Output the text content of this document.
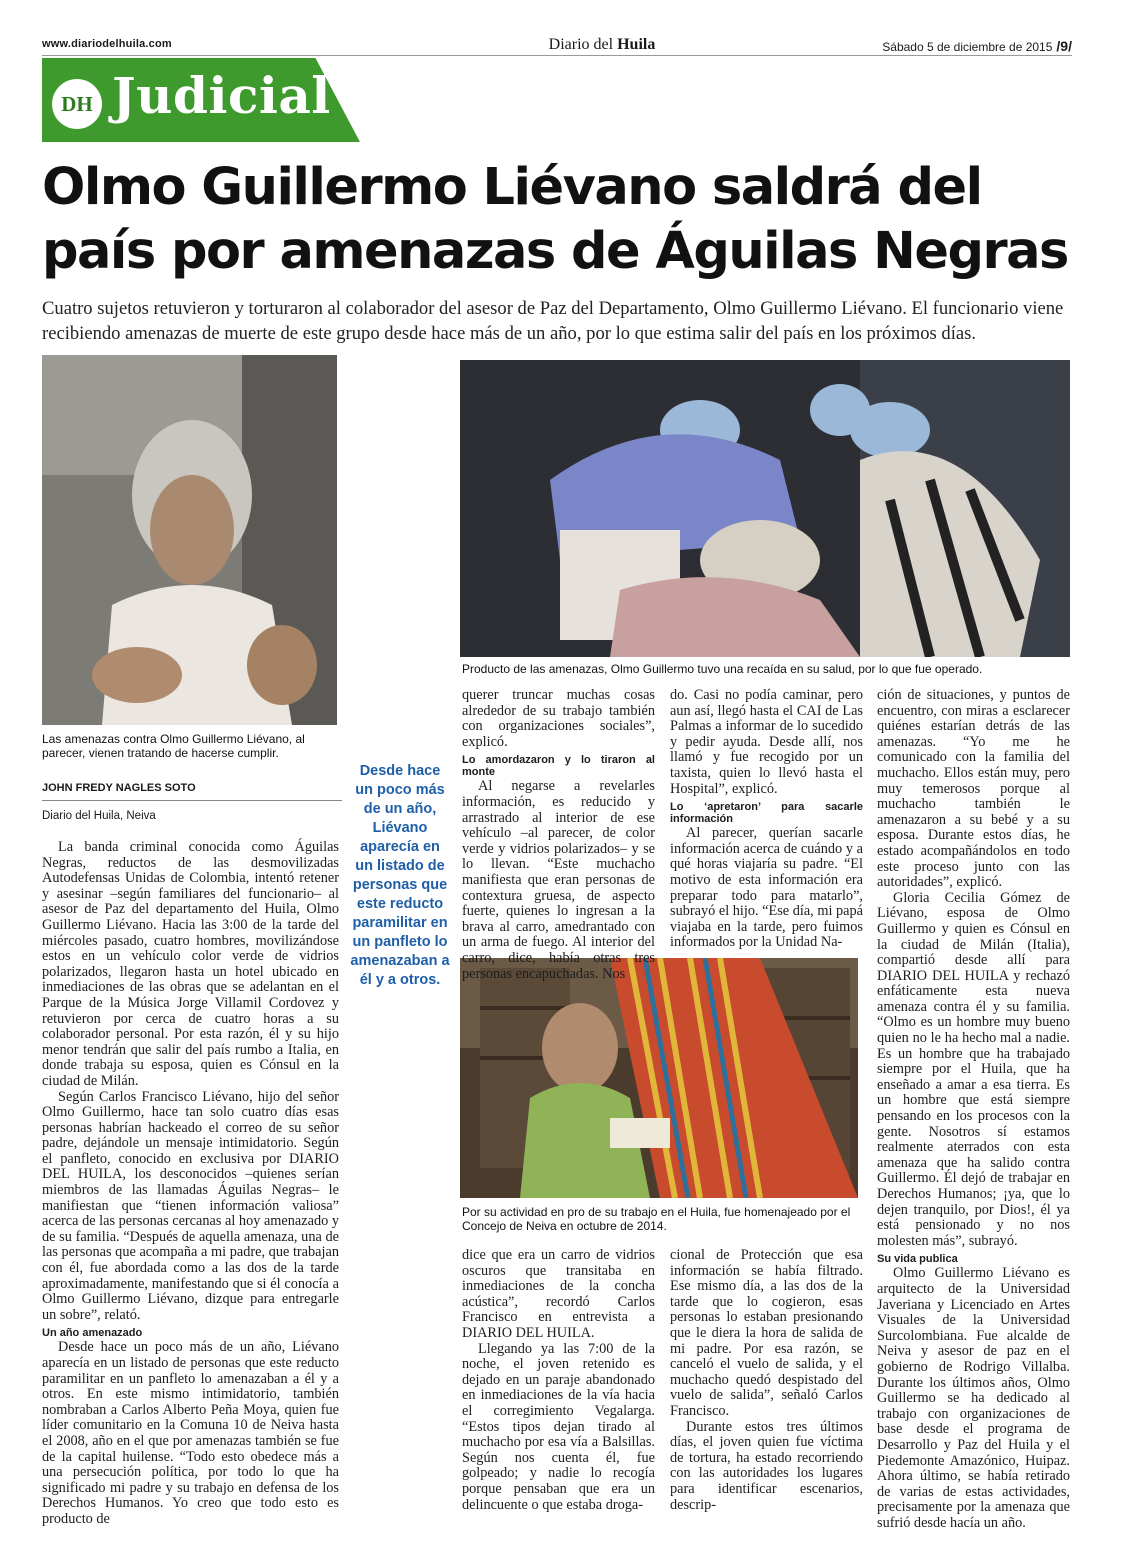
www.diariodelhuila.com	Diario del Huila	Sábado 5 de diciembre de 2015 /9/
DH Judicial
Olmo Guillermo Liévano saldrá del
país por amenazas de Águilas Negras
Cuatro sujetos retuvieron y torturaron al colaborador del asesor de Paz del Departamento, Olmo Guillermo Liévano. El funcionario viene recibiendo amenazas de muerte de este grupo desde hace más de un año, por lo que estima salir del país en los próximos días.
Las amenazas contra Olmo Guillermo Liévano, al parecer, vienen tratando de hacerse cumplir.
Producto de las amenazas, Olmo Guillermo tuvo una recaída en su salud, por lo que fue operado.
Por su actividad en pro de su trabajo en el Huila, fue homenajeado por el Concejo de Neiva en octubre de 2014.
JOHN FREDY NAGLES SOTO
Diario del Huila, Neiva
Desde hace un poco más de un año, Liévano aparecía en un listado de personas que este reducto paramilitar en un panfleto lo amenazaban a él y a otros.

La banda criminal conocida como Águilas Negras, reductos de las desmovilizadas Autodefensas Unidas de Colombia, intentó retener y asesinar –según familiares del funcionario– al asesor de Paz del departamento del Huila, Olmo Guillermo Liévano. Hacia las 3:00 de la tarde del miércoles pasado, cuatro hombres, movilizándose estos en un vehículo color verde de vidrios polarizados, llegaron hasta un hotel ubicado en inmediaciones de las obras que se adelantan en el Parque de la Música Jorge Villamil Cordovez y retuvieron por cerca de cuatro horas a su colaborador personal. Por esta razón, él y su hijo menor tendrán que salir del país rumbo a Italia, en donde trabaja su esposa, quien es Cónsul en la ciudad de Milán.

Según Carlos Francisco Liévano, hijo del señor Olmo Guillermo, hace tan solo cuatro días esas personas habrían hackeado el correo de su señor padre, dejándole un mensaje intimidatorio. Según el panfleto, conocido en exclusiva por DIARIO DEL HUILA, los desconocidos –quienes serían miembros de las llamadas Águilas Negras– le manifiestan que “tienen información valiosa” acerca de las personas cercanas al hoy amenazado y de su familia. “Después de aquella amenaza, una de las personas que acompaña a mi padre, que trabajan con él, fue abordada como a las dos de la tarde aproximadamente, manifestando que si él conocía a Olmo Guillermo Liévano, dizque para entregarle un sobre”, relató.

Un año amenazado

Desde hace un poco más de un año, Liévano aparecía en un listado de personas que este reducto paramilitar en un panfleto lo amenazaban a él y a otros. En este mismo intimidatorio, también nombraban a Carlos Alberto Peña Moya, quien fue líder comunitario en la Comuna 10 de Neiva hasta el 2008, año en el que por amenazas también se fue de la capital huilense. “Todo esto obedece más a una persecución política, por todo lo que ha significado mi padre y su trabajo en defensa de los Derechos Humanos. Yo creo que todo esto es producto de

querer truncar muchas cosas alrededor de su trabajo también con organizaciones sociales”, explicó.

Lo amordazaron y lo tiraron al monte

Al negarse a revelarles información, es reducido y arrastrado al interior de ese vehículo –al parecer, de color verde y vidrios polarizados– y se lo llevan. “Este muchacho manifiesta que eran personas de contextura gruesa, de aspecto fuerte, quienes lo ingresan a la brava al carro, amedrantado con un arma de fuego. Al interior del carro, dice, había otras tres personas encapuchadas. Nos

dice que era un carro de vidrios oscuros que transitaba en inmediaciones de la concha acústica”, recordó Carlos Francisco en entrevista a DIARIO DEL HUILA.

Llegando ya las 7:00 de la noche, el joven retenido es dejado en un paraje abandonado en inmediaciones de la vía hacia el corregimiento Vegalarga. “Estos tipos dejan tirado al muchacho por esa vía a Balsillas. Según nos cuenta él, fue golpeado; y nadie lo recogía porque pensaban que era un delincuente o que estaba droga-

do. Casi no podía caminar, pero aun así, llegó hasta el CAI de Las Palmas a informar de lo sucedido y pedir ayuda. Desde allí, nos llamó y fue recogido por un taxista, quien lo llevó hasta el Hospital”, explicó.

Lo ‘apretaron’ para sacarle información

Al parecer, querían sacarle información acerca de cuándo y a qué horas viajaría su padre. “El motivo de esta información era preparar todo para matarlo”, subrayó el hijo. “Ese día, mi papá viajaba en la tarde, pero fuimos informados por la Unidad Na-

cional de Protección que esa información se había filtrado. Ese mismo día, a las dos de la tarde que lo cogieron, esas personas lo estaban presionando que le diera la hora de salida de mi padre. Por esa razón, se canceló el vuelo de salida, y el muchacho quedó despistado del vuelo de salida”, señaló Carlos Francisco.

Durante estos tres últimos días, el joven quien fue víctima de tortura, ha estado recorriendo con las autoridades los lugares para identificar escenarios, descrip-

ción de situaciones, y puntos de encuentro, con miras a esclarecer quiénes estarían detrás de las amenazas. “Yo me he comunicado con la familia del muchacho. Ellos están muy, pero muy temerosos porque al muchacho también le amenazaron a su bebé y a su esposa. Durante estos días, he estado acompañándolos en todo este proceso junto con las autoridades”, explicó.

Gloria Cecilia Gómez de Liévano, esposa de Olmo Guillermo y quien es Cónsul en la ciudad de Milán (Italia), compartió desde allí para DIARIO DEL HUILA y rechazó enfáticamente esta nueva amenaza contra él y su familia. “Olmo es un hombre muy bueno quien no le ha hecho mal a nadie. Es un hombre que ha trabajado siempre por el Huila, que ha enseñado a amar a esa tierra. Es un hombre que está siempre pensando en los procesos con la gente. Nosotros sí estamos realmente aterrados con esta amenaza que ha salido contra Guillermo. Él dejó de trabajar en Derechos Humanos; ¡ya, que lo dejen tranquilo, por Dios!, él ya está pensionado y no nos molesten más”, subrayó.

Su vida publica

Olmo Guillermo Liévano es arquitecto de la Universidad Javeriana y Licenciado en Artes Visuales de la Universidad Surcolombiana. Fue alcalde de Neiva y asesor de paz en el gobierno de Rodrigo Villalba. Durante los últimos años, Olmo Guillermo se ha dedicado al trabajo con organizaciones de base desde el programa de Desarrollo y Paz del Huila y el Piedemonte Amazónico, Huipaz. Ahora último, se había retirado de varias de estas actividades, precisamente por la amenaza que sufrió desde hacía un año.
